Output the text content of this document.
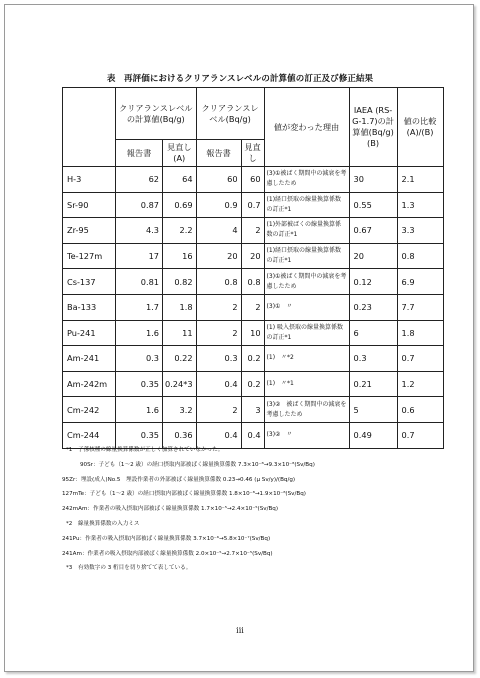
表　再評価におけるクリアランスレベルの計算値の訂正及び修正結果
	クリアランスレベルの計算値(Bq/g)		クリアランスレベル(Bq/g)		値が変わった理由	IAEA (RS-G-1.7)の計算値(Bq/g)(B)	値の比較(A)/(B)
	報告書	見直し(A)	報告書	見直し			
H-3	62	64	60	60	(3)①被ばく期間中の減衰を考慮したため	30	2.1
Sr-90	0.87	0.69	0.9	0.7	(1)経口摂取の線量換算係数の訂正*1	0.55	1.3
Zr-95	4.3	2.2	4	2	(1)外部被ばくの線量換算係数の訂正*1	0.67	3.3
Te-127m	17	16	20	20	(1)経口摂取の線量換算係数の訂正*1	20	0.8
Cs-137	0.81	0.82	0.8	0.8	(3)①被ばく期間中の減衰を考慮したため	0.12	6.9
Ba-133	1.7	1.8	2	2	(3)①　〃	0.23	7.7
Pu-241	1.6	11	2	10	(1) 吸入摂取の線量換算係数の訂正*1	6	1.8
Am-241	0.3	0.22	0.3	0.2	(1)　〃*2	0.3	0.7
Am-242m	0.35	0.24*3	0.4	0.2	(1)　〃*1	0.21	1.2
Cm-242	1.6	3.2	2	3	(3)②　被ばく期間中の減衰を考慮したため	5	0.6
Cm-244	0.35	0.36	0.4	0.4	(3)②　〃	0.49	0.7
*1　子孫核種の線量換算係数が正しく加算されていなかった。
90Sr：子ども（1～2 歳）の経口摂取内部被ばく線量換算係数 7.3×10⁻⁸→9.3×10⁻⁸(Sv/Bq)
95Zr：埋設(成人)No.5　埋設作業者の外部被ばく線量換算係数 0.23→0.46 (μ Sv/y)/(Bq/g)
127mTe：子ども（1～2 歳）の経口摂取内部被ばく線量換算係数 1.8×10⁻⁸→1.9×10⁻⁸(Sv/Bq)
242mAm：作業者の吸入摂取内部被ばく線量換算係数 1.7×10⁻⁵→2.4×10⁻⁵(Sv/Bq)
*2　線量換算係数の入力ミス
241Pu：作業者の吸入摂取内部被ばく線量換算係数 3.7×10⁻⁶→5.8×10⁻⁷(Sv/Bq)
241Am：作業者の吸入摂取内部被ばく線量換算係数 2.0×10⁻⁵→2.7×10⁻⁵(Sv/Bq)
*3　有効数字の 3 桁目を切り捨てて表している。
iii
